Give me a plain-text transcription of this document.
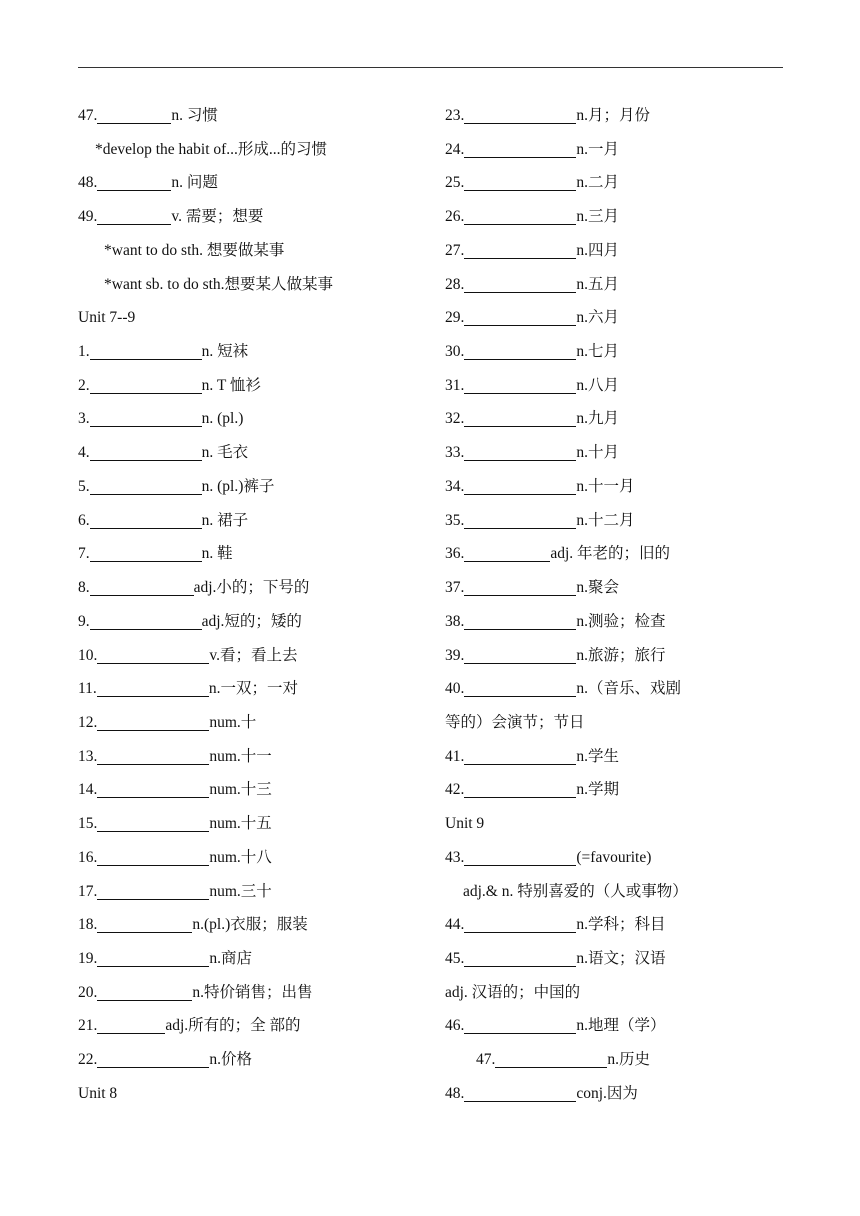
47.	n. 习惯
*develop the habit of...形成...的习惯
48.	n. 问题
49.	v. 需要；想要
*want to do sth. 想要做某事
*want sb. to do sth.想要某人做某事
Unit 7--9
1.	n. 短袜
2.	n. T 恤衫
3.	n. (pl.)
4.	n. 毛衣
5.	n. (pl.)裤子
6.	n. 裙子
7.	n. 鞋
8.	adj.小的；下号的
9.	adj.短的；矮的
10.	v.看；看上去
11.	n.一双；一对
12.	num.十
13.	num.十一
14.	num.十三
15.	num.十五
16.	num.十八
17.	num.三十
18.	n.(pl.)衣服；服装
19.	n.商店
20.	n.特价销售；出售
21.	adj.所有的；全 部的
22.	n.价格
Unit 8
23.	n.月；月份
24.	n.一月
25.	n.二月
26.	n.三月
27.	n.四月
28.	n.五月
29.	n.六月
30.	n.七月
31.	n.八月
32.	n.九月
33.	n.十月
34.	n.十一月
35.	n.十二月
36.	adj. 年老的；旧的
37.	n.聚会
38.	n.测验；检查
39.	n.旅游；旅行
40.	n.（音乐、戏剧
等的）会演节；节日
41.	n.学生
42.	n.学期
Unit 9
43.	(=favourite)
adj.& n. 特别喜爱的（人或事物）
44.	n.学科；科目
45.	n.语文；汉语
adj. 汉语的；中国的
46.	n.地理（学）
47.	n.历史
48.	conj.因为
